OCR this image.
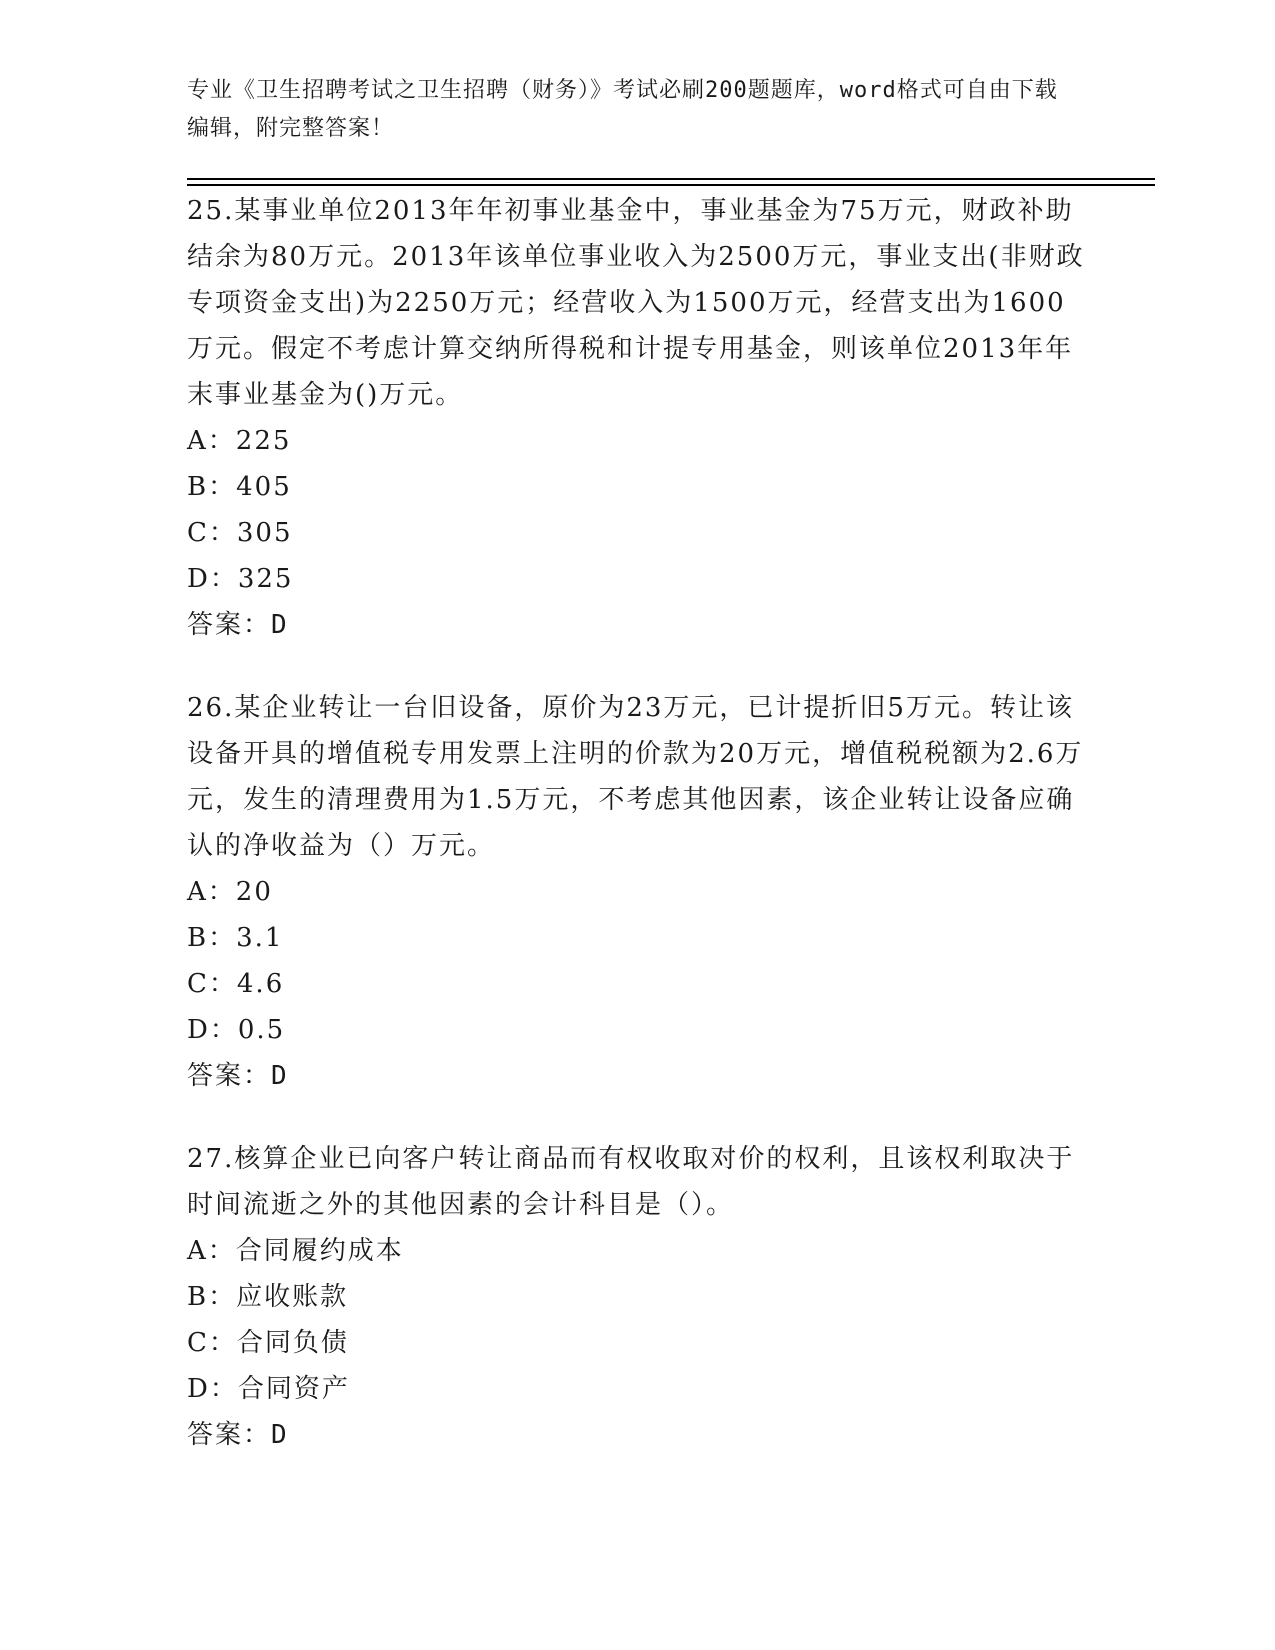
专业《卫生招聘考试之卫生招聘（财务）》考试必刷200题题库，word格式可自由下载编辑，附完整答案！

25.某事业单位2013年年初事业基金中，事业基金为75万元，财政补助结余为80万元。2013年该单位事业收入为2500万元，事业支出(非财政专项资金支出)为2250万元；经营收入为1500万元，经营支出为1600万元。假定不考虑计算交纳所得税和计提专用基金，则该单位2013年年末事业基金为()万元。

A：225

B：405

C：305

D：325

答案：D

26.某企业转让一台旧设备，原价为23万元，已计提折旧5万元。转让该设备开具的增值税专用发票上注明的价款为20万元，增值税税额为2.6万元，发生的清理费用为1.5万元，不考虑其他因素，该企业转让设备应确认的净收益为（）万元。

A：20

B：3.1

C：4.6

D：0.5

答案：D

27.核算企业已向客户转让商品而有权收取对价的权利，且该权利取决于时间流逝之外的其他因素的会计科目是（）。

A：合同履约成本

B：应收账款

C：合同负债

D：合同资产

答案：D
